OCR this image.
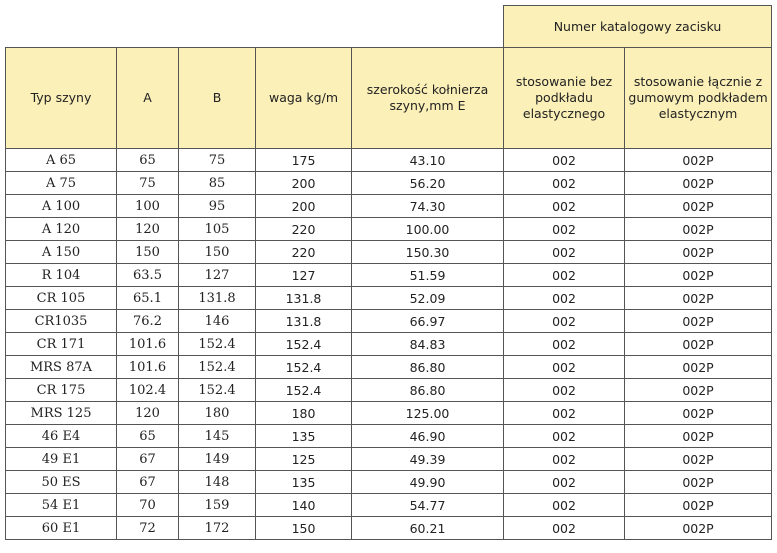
					Numer katalogowy zacisku	
Typ szyny	A	B	waga kg/m	szerokość kołnierza szyny,mm E	stosowanie bez podkładu elastycznego	stosowanie łącznie z gumowym podkładem elastycznym
A 65	65	75	175	43.10	002	002P
A 75	75	85	200	56.20	002	002P
A 100	100	95	200	74.30	002	002P
A 120	120	105	220	100.00	002	002P
A 150	150	150	220	150.30	002	002P
R 104	63.5	127	127	51.59	002	002P
CR 105	65.1	131.8	131.8	52.09	002	002P
CR1035	76.2	146	131.8	66.97	002	002P
CR 171	101.6	152.4	152.4	84.83	002	002P
MRS 87A	101.6	152.4	152.4	86.80	002	002P
CR 175	102.4	152.4	152.4	86.80	002	002P
MRS 125	120	180	180	125.00	002	002P
46 E4	65	145	135	46.90	002	002P
49 E1	67	149	125	49.39	002	002P
50 ES	67	148	135	49.90	002	002P
54 E1	70	159	140	54.77	002	002P
60 E1	72	172	150	60.21	002	002P
